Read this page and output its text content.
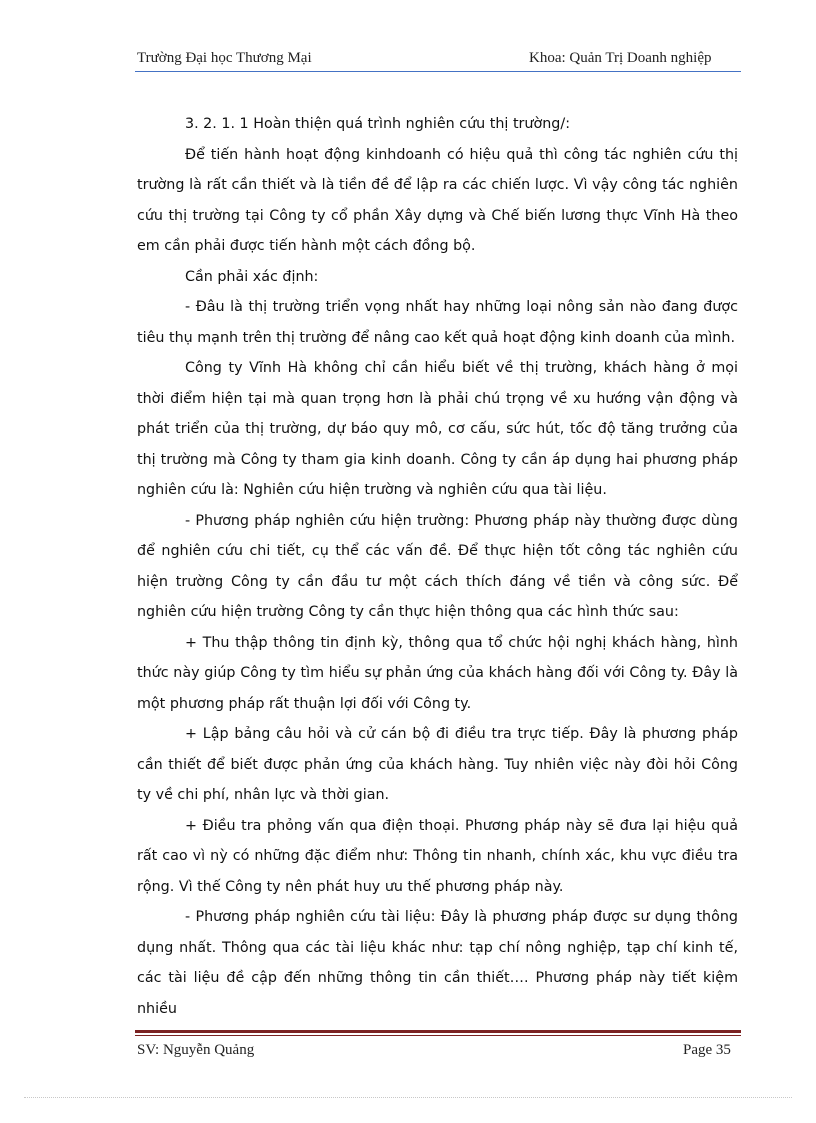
Trường Đại học Thương Mại	Khoa: Quản Trị Doanh nghiệp

3. 2. 1. 1 Hoàn thiện quá trình nghiên cứu thị trường/:

Để tiến hành hoạt động kinhdoanh có hiệu quả thì công tác nghiên cứu thị trường là rất cần thiết và là tiền đề để lập ra các chiến lược. Vì vậy công tác nghiên cứu thị trường tại Công ty cổ phần Xây dựng và Chế biến lương thực Vĩnh Hà theo em cần phải được tiến hành một cách đồng bộ.

Cần phải xác định:

- Đâu là thị trường triển vọng nhất hay những loại nông sản nào đang được tiêu thụ mạnh trên thị trường để nâng cao kết quả hoạt động kinh doanh của mình.

Công ty Vĩnh Hà không chỉ cần hiểu biết về thị trường, khách hàng ở mọi thời điểm hiện tại mà quan trọng hơn là phải chú trọng về xu hướng vận động và phát triển của thị trường, dự báo quy mô, cơ cấu, sức hút, tốc độ tăng trưởng của thị trường mà Công ty tham gia kinh doanh. Công ty cần áp dụng hai phương pháp nghiên cứu là: Nghiên cứu hiện trường và nghiên cứu qua tài liệu.

- Phương pháp nghiên cứu hiện trường: Phương pháp này thường được dùng để nghiên cứu chi tiết, cụ thể các vấn đề. Để thực hiện tốt công tác nghiên cứu hiện trường Công ty cần đầu tư một cách thích đáng về tiền và công sức. Để nghiên cứu hiện trường Công ty cần thực hiện thông qua các hình thức sau:

+ Thu thập thông tin định kỳ, thông qua tổ chức hội nghị khách hàng, hình thức này giúp Công ty tìm hiểu sự phản ứng của khách hàng đối với Công ty. Đây là một phương pháp rất thuận lợi đối với Công ty.

+ Lập bảng câu hỏi và cử cán bộ đi điều tra trực tiếp. Đây là phương pháp cần thiết để biết được phản ứng của khách hàng. Tuy nhiên việc này đòi hỏi Công ty về chi phí, nhân lực và thời gian.

+ Điều tra phỏng vấn qua điện thoại. Phương pháp này sẽ đưa lại hiệu quả rất cao vì nỳ có những đặc điểm như: Thông tin nhanh, chính xác, khu vực điều tra rộng. Vì thế Công ty nên phát huy ưu thế phương pháp này.

- Phương pháp nghiên cứu tài liệu: Đây là phương pháp được sư dụng thông dụng nhất. Thông qua các tài liệu khác như: tạp chí nông nghiệp, tạp chí kinh tế, các tài liệu đề cập đến những thông tin cần thiết…. Phương pháp này tiết kiệm nhiều

SV: Nguyễn Quảng	Page 35
